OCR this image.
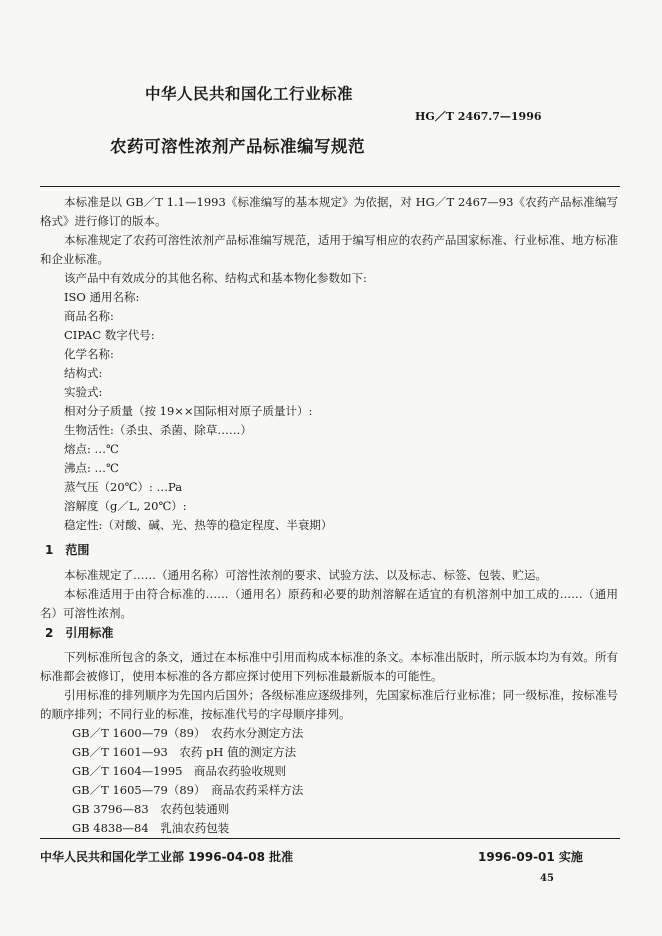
中华人民共和国化工行业标准
HG／T 2467.7—1996
农药可溶性浓剂产品标准编写规范
本标准是以 GB／T 1.1—1993《标准编写的基本规定》为依据，对 HG／T 2467—93《农药产品标准编写格式》进行修订的版本。
本标准规定了农药可溶性浓剂产品标准编写规范，适用于编写相应的农药产品国家标准、行业标准、地方标准和企业标准。
该产品中有效成分的其他名称、结构式和基本物化参数如下:
ISO 通用名称:
商品名称:
CIPAC 数字代号:
化学名称:
结构式:
实验式:
相对分子质量（按 19××国际相对原子质量计）:
生物活性:（杀虫、杀菌、除草……）
熔点: …℃
沸点: …℃
蒸气压（20℃）: …Pa
溶解度（g／L, 20℃）:
稳定性:（对酸、碱、光、热等的稳定程度、半衰期）
1　范围
本标准规定了……（通用名称）可溶性浓剂的要求、试验方法、以及标志、标签、包装、贮运。
本标准适用于由符合标准的……（通用名）原药和必要的助剂溶解在适宜的有机溶剂中加工成的……（通用名）可溶性浓剂。
2　引用标准
下列标准所包含的条文，通过在本标准中引用而构成本标准的条文。本标准出版时，所示版本均为有效。所有标准都会被修订，使用本标准的各方都应探讨使用下列标准最新版本的可能性。
引用标准的排列顺序为先国内后国外；各级标准应逐级排列，先国家标准后行业标准；同一级标准，按标准号的顺序排列；不同行业的标准，按标准代号的字母顺序排列。
GB／T 1600—79（89）　农药水分测定方法
GB／T 1601—93　农药 pH 值的测定方法
GB／T 1604—1995　商品农药验收规则
GB／T 1605—79（89）　商品农药采样方法
GB 3796—83　农药包装通则
GB 4838—84　乳油农药包装
中华人民共和国化学工业部 1996-04-08 批准	1996-09-01 实施
45
